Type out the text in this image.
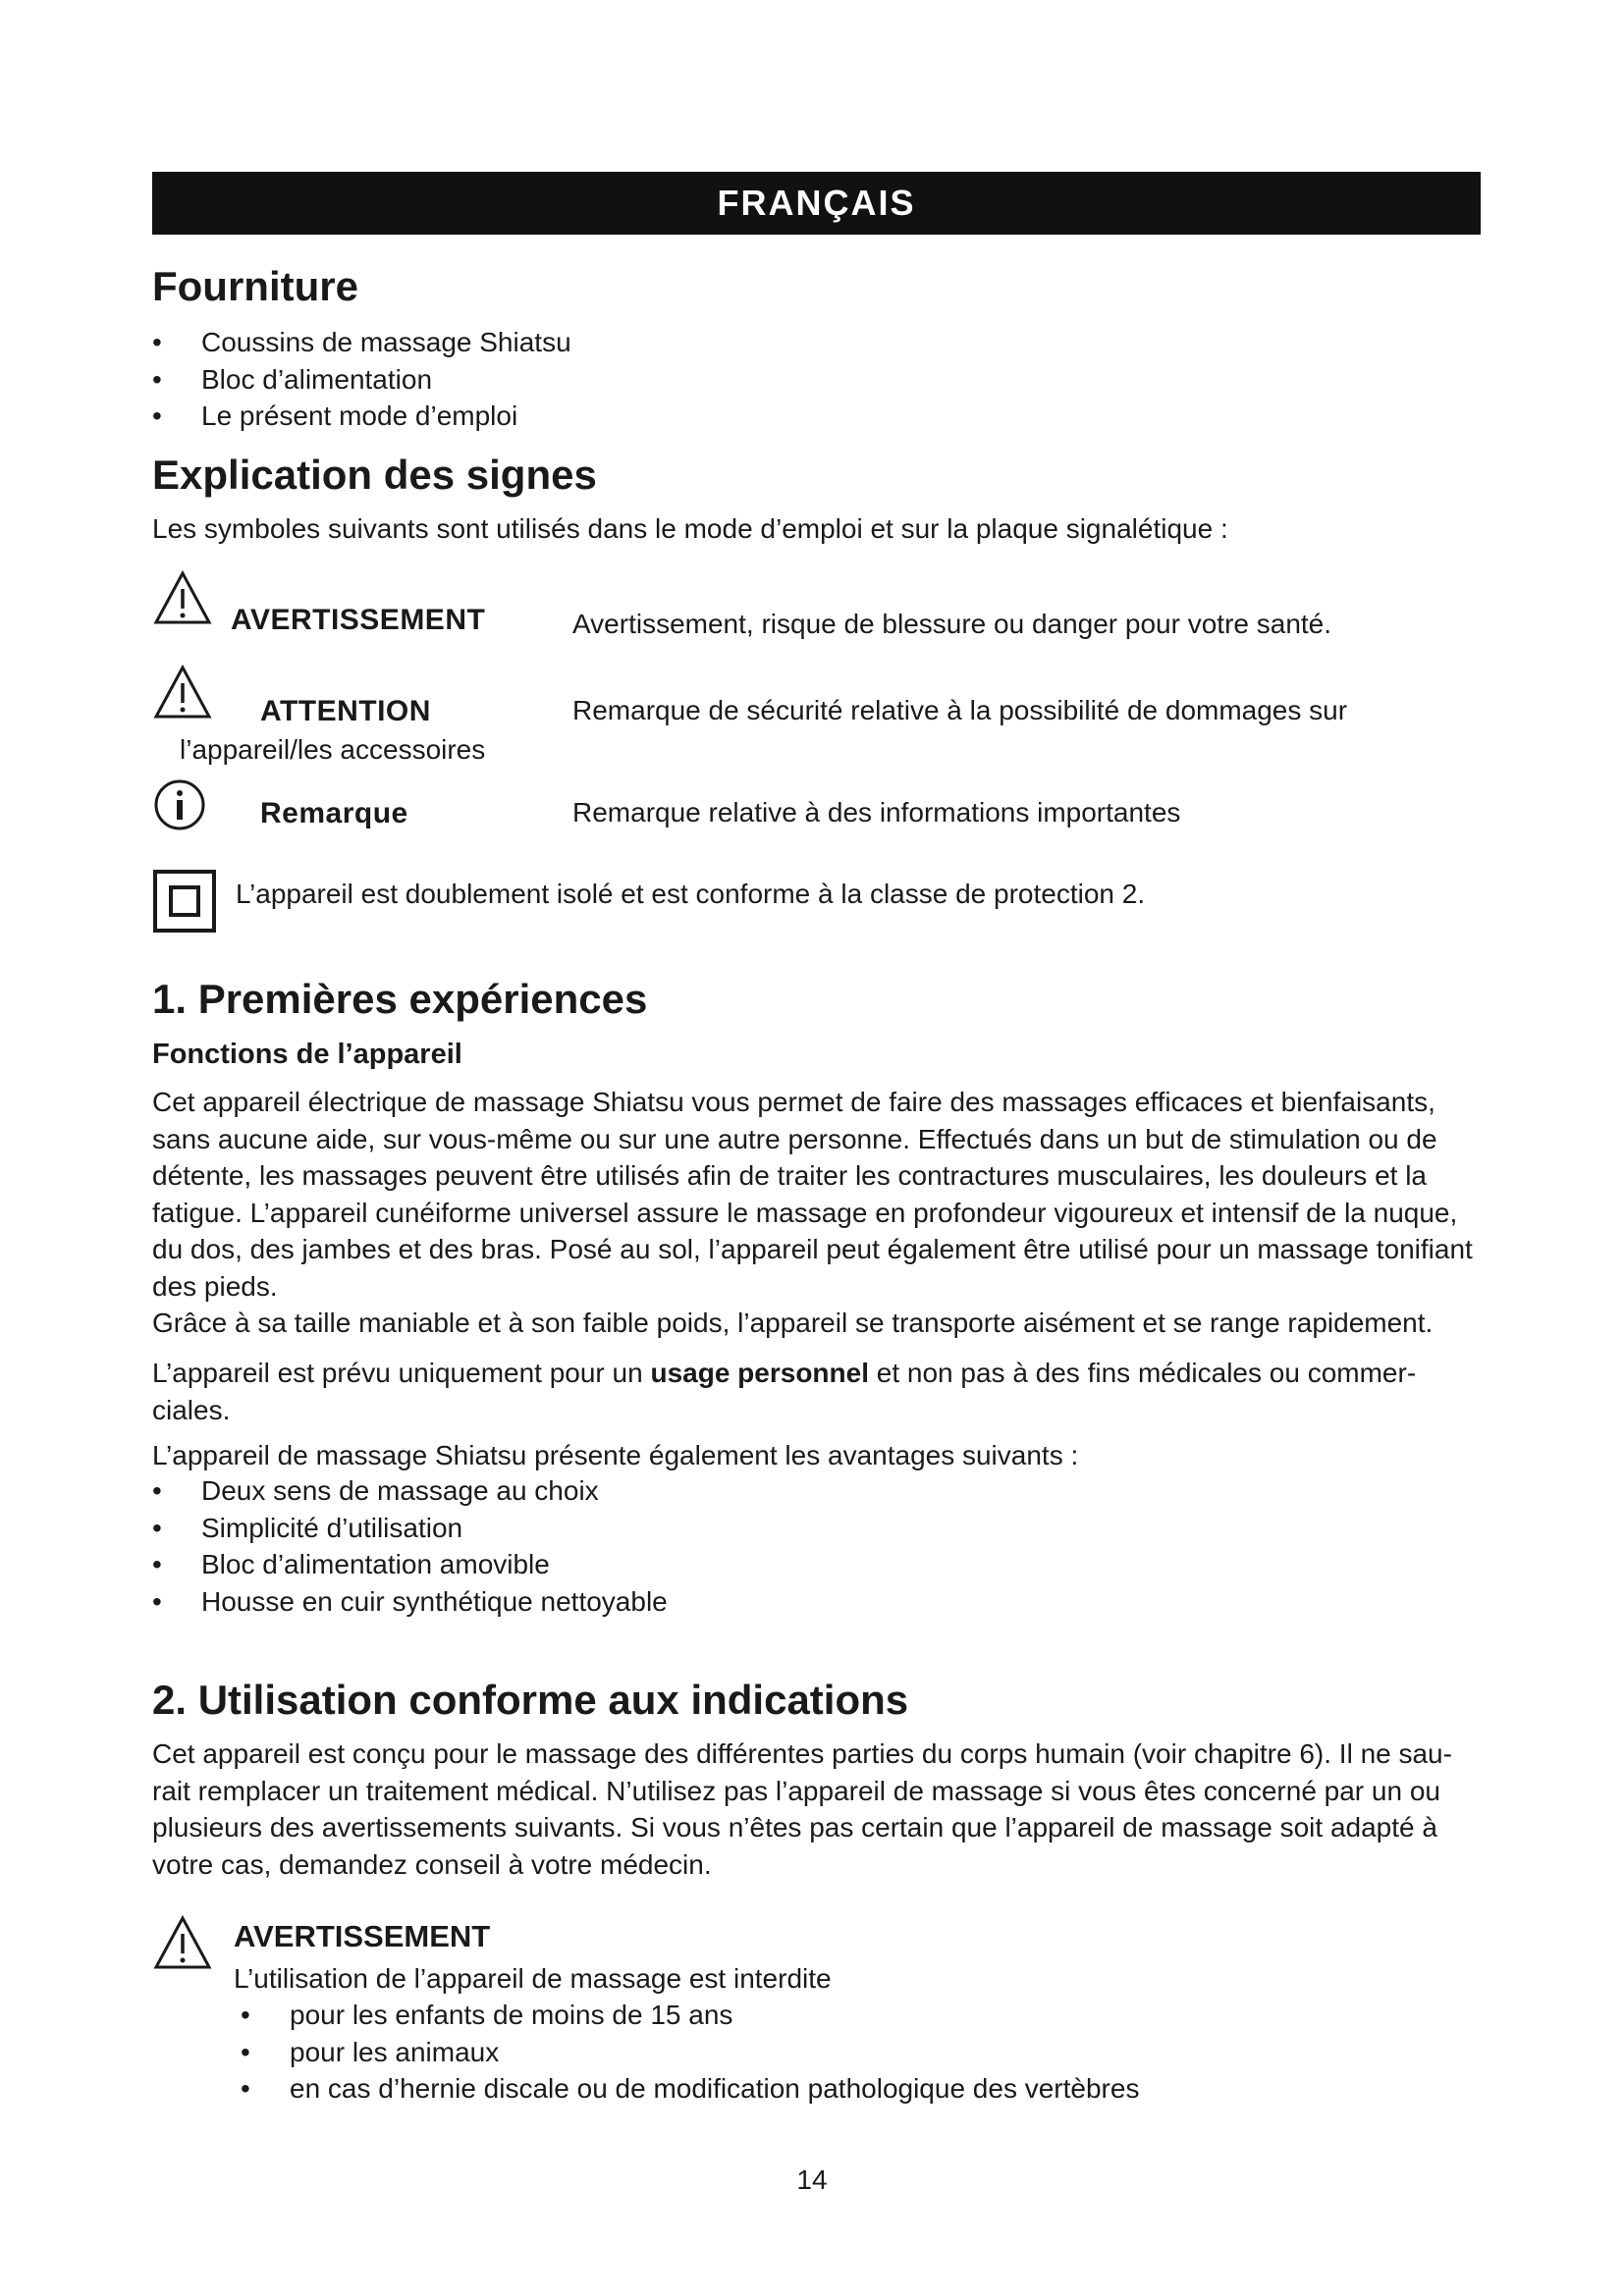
FRANÇAIS
Fourniture
• Coussins de massage Shiatsu
• Bloc d’alimentation
• Le présent mode d’emploi
Explication des signes

Les symboles suivants sont utilisés dans le mode d’emploi et sur la plaque signalétique :

AVERTISSEMENT	Avertissement, risque de blessure ou danger pour votre santé.
ATTENTION	Remarque de sécurité relative à la possibilité de dommages sur
l’appareil/les accessoires
Remarque	Remarque relative à des informations importantes
L’appareil est doublement isolé et est conforme à la classe de protection 2.
1. Premières expériences
Fonctions de l’appareil
Cet appareil électrique de massage Shiatsu vous permet de faire des massages efficaces et bienfaisants,
sans aucune aide, sur vous-même ou sur une autre personne. Effectués dans un but de stimulation ou de
détente, les massages peuvent être utilisés afin de traiter les contractures musculaires, les douleurs et la
fatigue. L’appareil cunéiforme universel assure le massage en profondeur vigoureux et intensif de la nuque,
du dos, des jambes et des bras. Posé au sol, l’appareil peut également être utilisé pour un massage tonifiant
des pieds.
Grâce à sa taille maniable et à son faible poids, l’appareil se transporte aisément et se range rapidement.
L’appareil est prévu uniquement pour un usage personnel et non pas à des fins médicales ou commer-
ciales.

L’appareil de massage Shiatsu présente également les avantages suivants :

• Deux sens de massage au choix
• Simplicité d’utilisation
• Bloc d’alimentation amovible
• Housse en cuir synthétique nettoyable
2. Utilisation conforme aux indications
Cet appareil est conçu pour le massage des différentes parties du corps humain (voir chapitre 6). Il ne sau-
rait remplacer un traitement médical. N’utilisez pas l’appareil de massage si vous êtes concerné par un ou
plusieurs des avertissements suivants. Si vous n’êtes pas certain que l’appareil de massage soit adapté à
votre cas, demandez conseil à votre médecin.
AVERTISSEMENT

L’utilisation de l’appareil de massage est interdite

• pour les enfants de moins de 15 ans
• pour les animaux
• en cas d’hernie discale ou de modification pathologique des vertèbres
14
